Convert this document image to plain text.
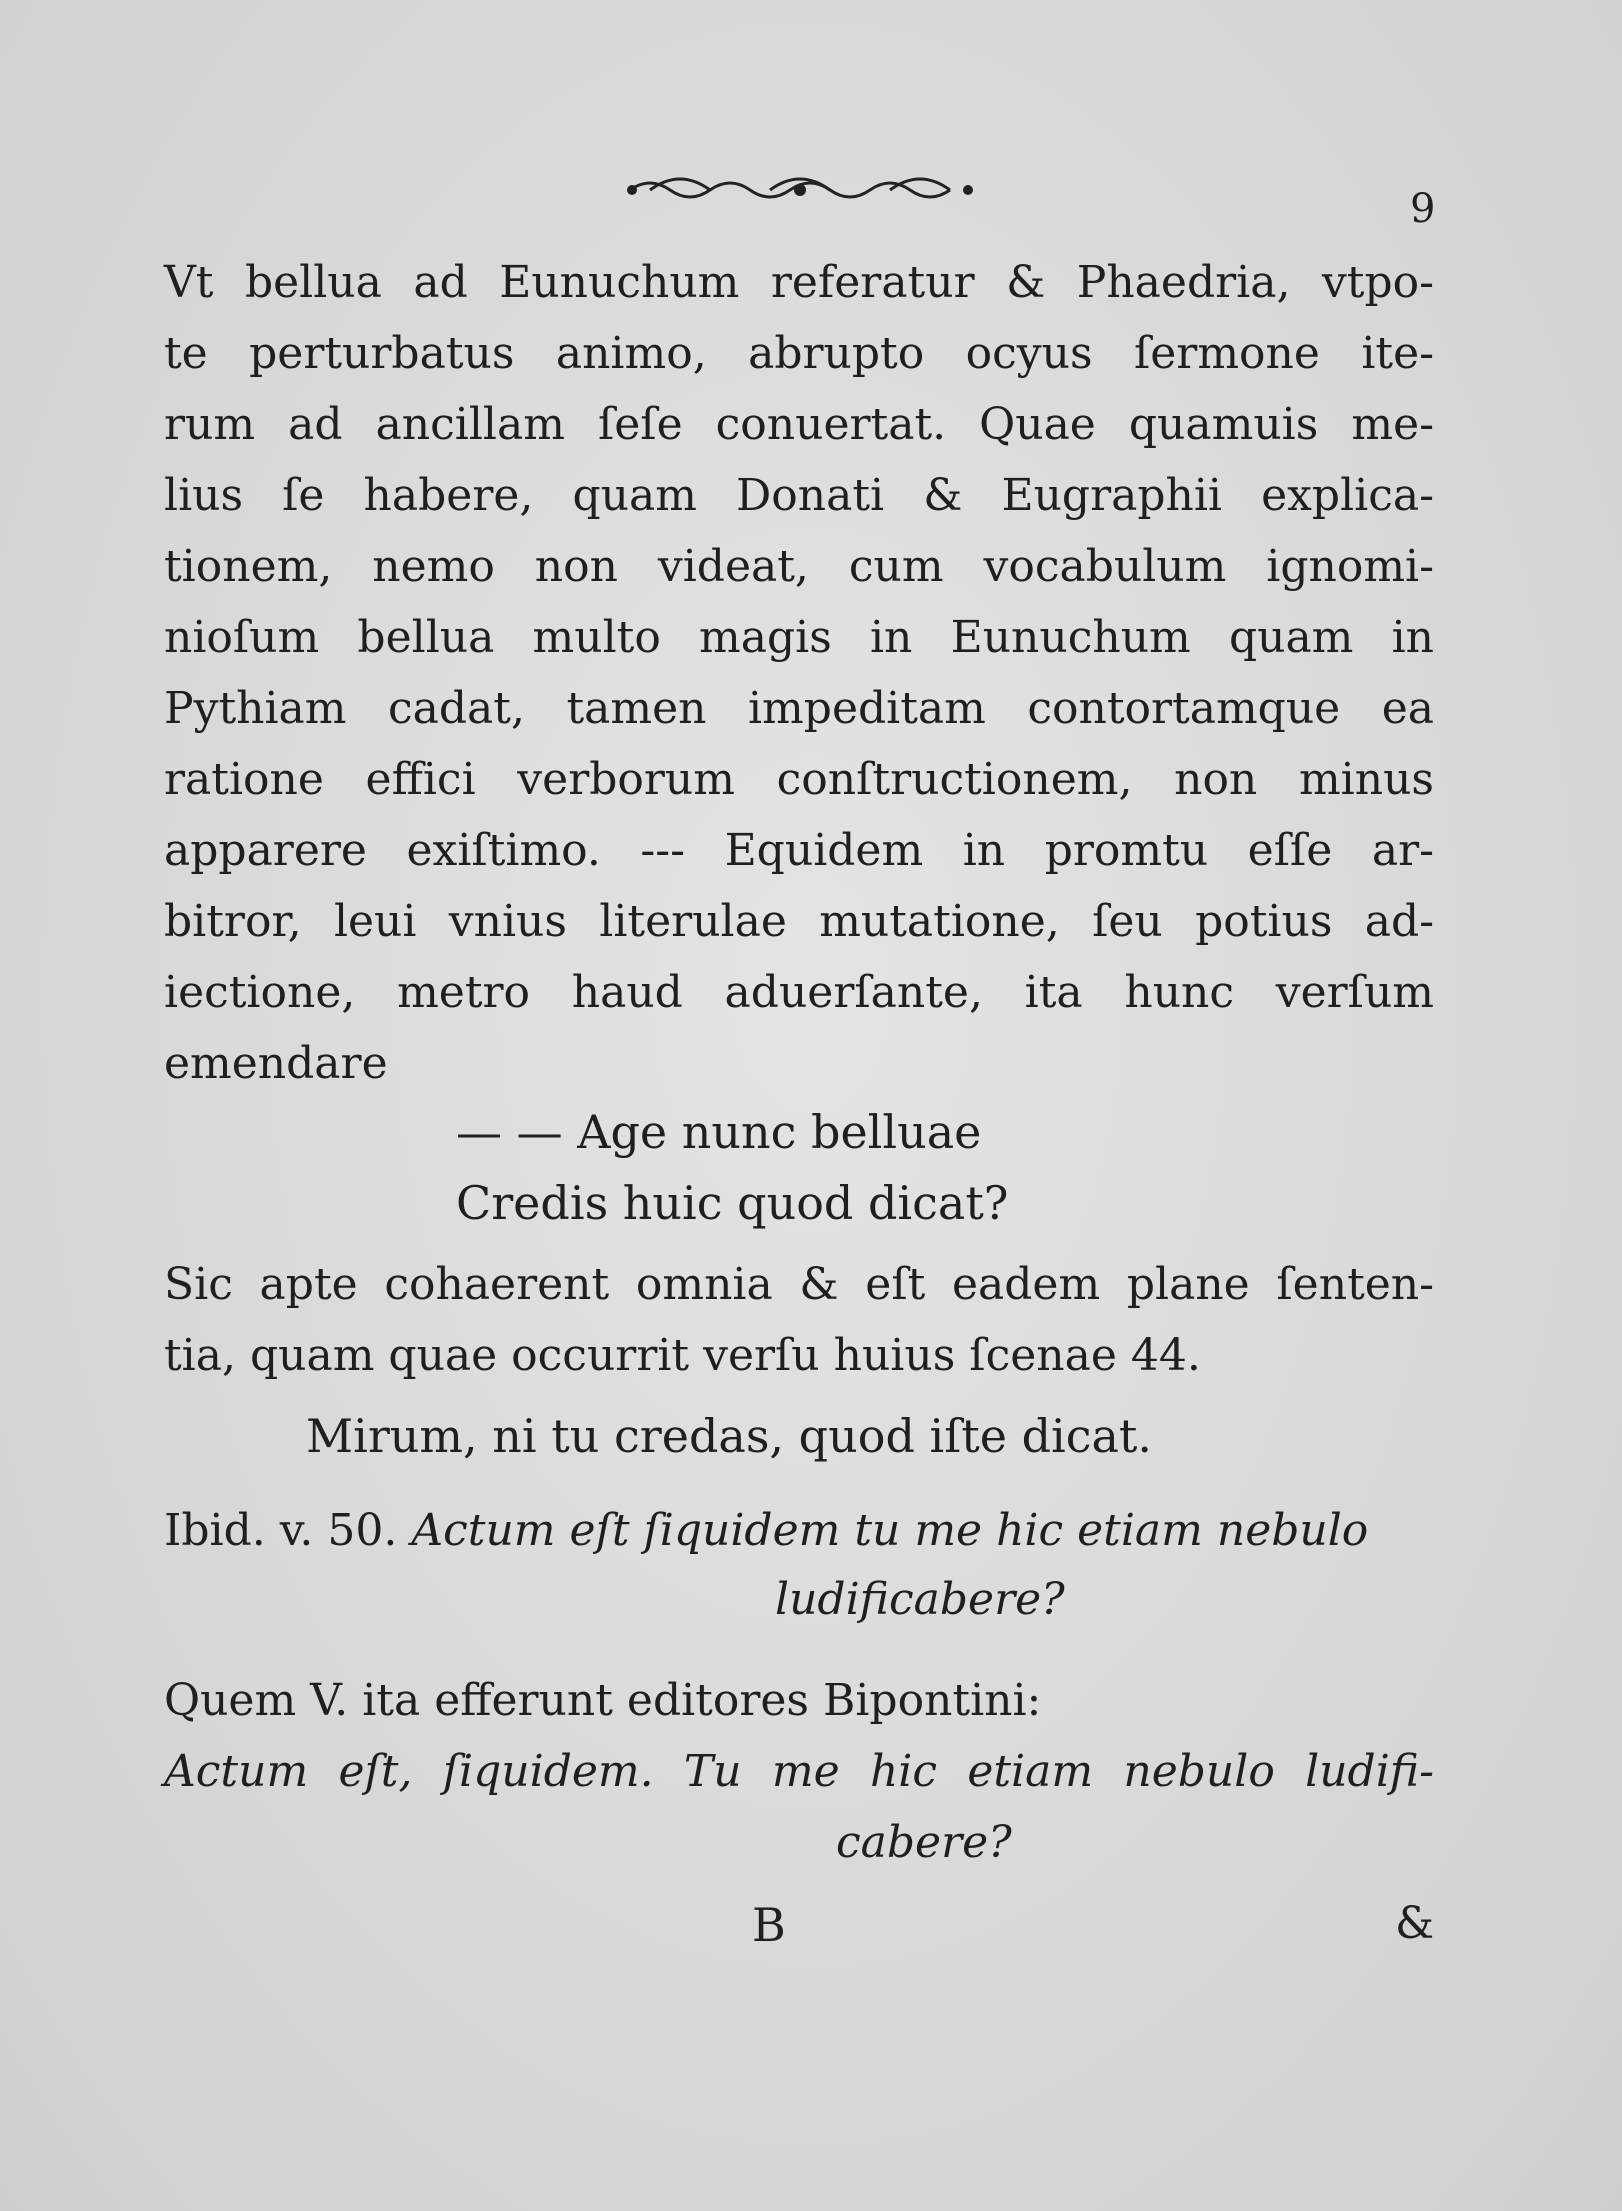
9
Vt bellua ad Eunuchum referatur & Phaedria, vtpo-
te perturbatus animo, abrupto ocyus ſermone ite-
rum ad ancillam ſeſe conuertat. Quae quamuis me-
lius ſe habere, quam Donati & Eugraphii explica-
tionem, nemo non videat, cum vocabulum ignomi-
nioſum bellua multo magis in Eunuchum quam in
Pythiam cadat, tamen impeditam contortamque ea
ratione effici verborum conſtructionem, non minus
apparere exiſtimo. --- Equidem in promtu eſſe ar-
bitror, leui vnius literulae mutatione, ſeu potius ad-
iectione, metro haud aduerſante, ita hunc verſum
emendare
— — Age nunc belluae
Credis huic quod dicat?
Sic apte cohaerent omnia & eſt eadem plane ſenten-
tia, quam quae occurrit verſu huius ſcenae 44.
Mirum, ni tu credas, quod iſte dicat.
Ibid. v. 50. Actum eſt ſiquidem tu me hic etiam nebulo
ludificabere?
Quem V. ita efferunt editores Bipontini:
Actum eſt, ſiquidem. Tu me hic etiam nebulo ludifi-
cabere?
B	&
